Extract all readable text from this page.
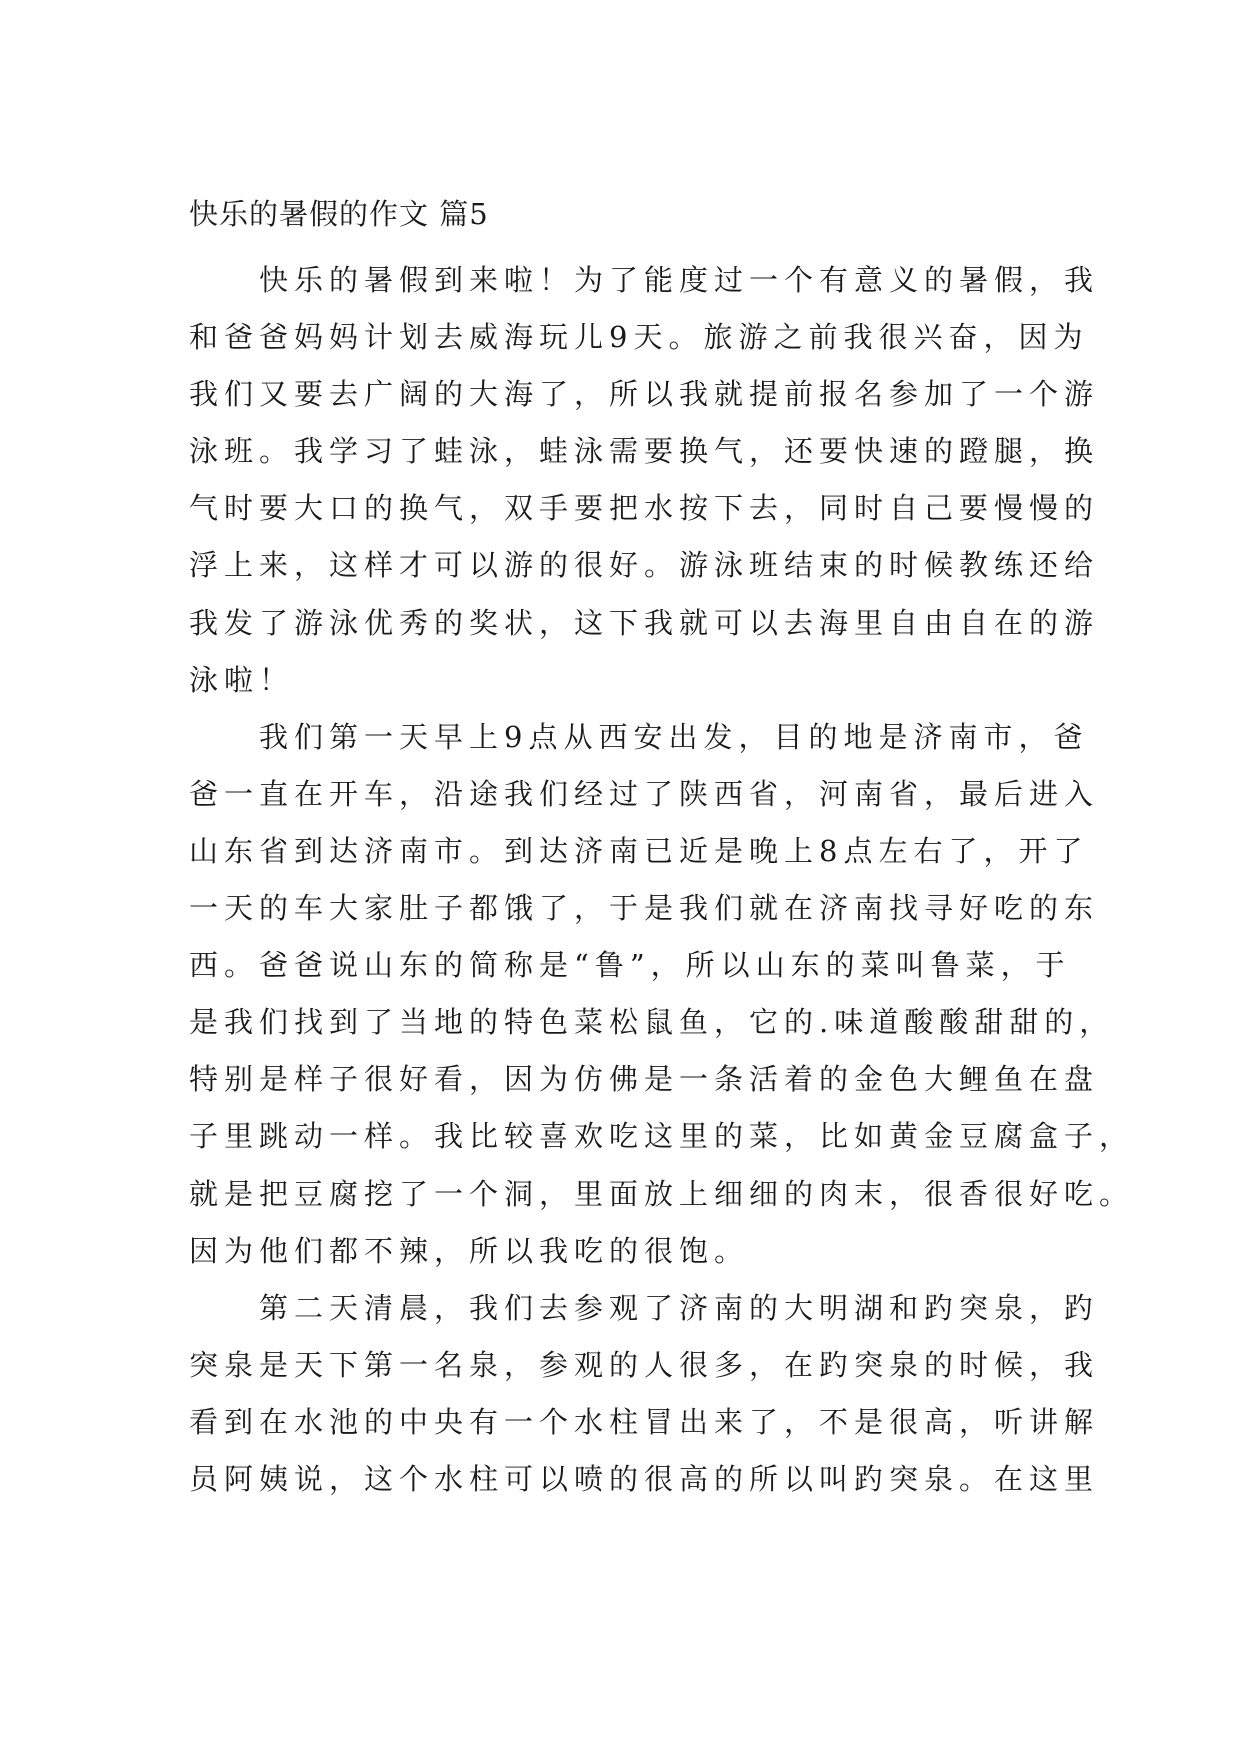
快乐的暑假的作文 篇5
　　快乐的暑假到来啦！为了能度过一个有意义的暑假，我
和爸爸妈妈计划去威海玩儿9天。旅游之前我很兴奋，因为
我们又要去广阔的大海了，所以我就提前报名参加了一个游
泳班。我学习了蛙泳，蛙泳需要换气，还要快速的蹬腿，换
气时要大口的换气，双手要把水按下去，同时自己要慢慢的
浮上来，这样才可以游的很好。游泳班结束的时候教练还给
我发了游泳优秀的奖状，这下我就可以去海里自由自在的游
泳啦！
　　我们第一天早上9点从西安出发，目的地是济南市，爸
爸一直在开车，沿途我们经过了陕西省，河南省，最后进入
山东省到达济南市。到达济南已近是晚上8点左右了，开了
一天的车大家肚子都饿了，于是我们就在济南找寻好吃的东
西。爸爸说山东的简称是“鲁”，所以山东的菜叫鲁菜，于
是我们找到了当地的特色菜松鼠鱼，它的.味道酸酸甜甜的，
特别是样子很好看，因为仿佛是一条活着的金色大鲤鱼在盘
子里跳动一样。我比较喜欢吃这里的菜，比如黄金豆腐盒子，
就是把豆腐挖了一个洞，里面放上细细的肉末，很香很好吃。
因为他们都不辣，所以我吃的很饱。
　　第二天清晨，我们去参观了济南的大明湖和趵突泉，趵
突泉是天下第一名泉，参观的人很多，在趵突泉的时候，我
看到在水池的中央有一个水柱冒出来了，不是很高，听讲解
员阿姨说，这个水柱可以喷的很高的所以叫趵突泉。在这里
